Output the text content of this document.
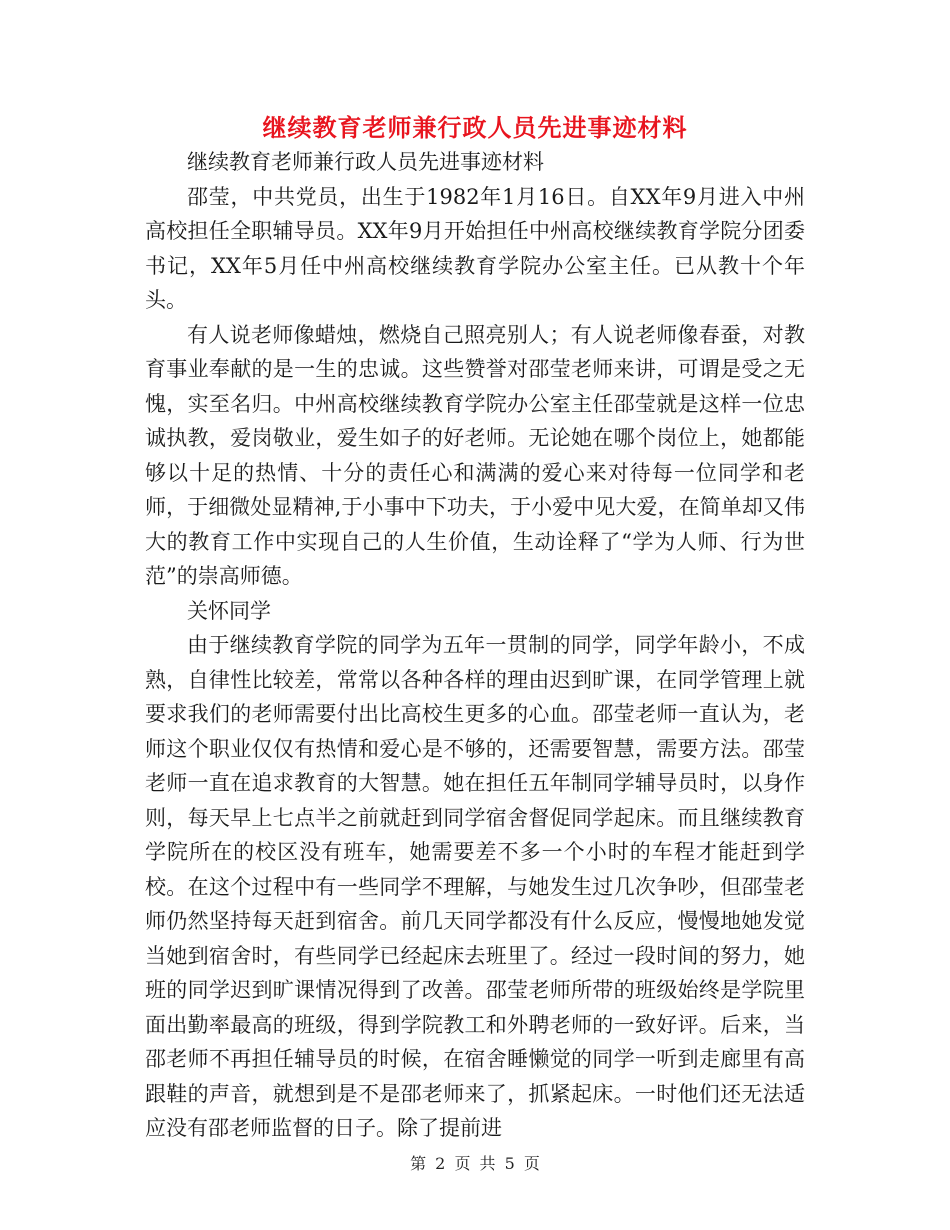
继续教育老师兼行政人员先进事迹材料

继续教育老师兼行政人员先进事迹材料

邵莹，中共党员，出生于1982年1月16日。自XX年9月进入中州高校担任全职辅导员。XX年9月开始担任中州高校继续教育学院分团委书记，XX年5月任中州高校继续教育学院办公室主任。已从教十个年头。

有人说老师像蜡烛，燃烧自己照亮别人；有人说老师像春蚕，对教育事业奉献的是一生的忠诚。这些赞誉对邵莹老师来讲，可谓是受之无愧，实至名归。中州高校继续教育学院办公室主任邵莹就是这样一位忠诚执教，爱岗敬业，爱生如子的好老师。无论她在哪个岗位上，她都能够以十足的热情、十分的责任心和满满的爱心来对待每一位同学和老师，于细微处显精神,于小事中下功夫，于小爱中见大爱，在简单却又伟大的教育工作中实现自己的人生价值，生动诠释了“学为人师、行为世范”的崇高师德。

关怀同学

由于继续教育学院的同学为五年一贯制的同学，同学年龄小，不成熟，自律性比较差，常常以各种各样的理由迟到旷课，在同学管理上就要求我们的老师需要付出比高校生更多的心血。邵莹老师一直认为，老师这个职业仅仅有热情和爱心是不够的，还需要智慧，需要方法。邵莹老师一直在追求教育的大智慧。她在担任五年制同学辅导员时，以身作则，每天早上七点半之前就赶到同学宿舍督促同学起床。而且继续教育学院所在的校区没有班车，她需要差不多一个小时的车程才能赶到学校。在这个过程中有一些同学不理解，与她发生过几次争吵，但邵莹老师仍然坚持每天赶到宿舍。前几天同学都没有什么反应，慢慢地她发觉当她到宿舍时，有些同学已经起床去班里了。经过一段时间的努力，她班的同学迟到旷课情况得到了改善。邵莹老师所带的班级始终是学院里面出勤率最高的班级，得到学院教工和外聘老师的一致好评。后来，当邵老师不再担任辅导员的时候，在宿舍睡懒觉的同学一听到走廊里有高跟鞋的声音，就想到是不是邵老师来了，抓紧起床。一时他们还无法适应没有邵老师监督的日子。除了提前进

第 2 页 共 5 页
